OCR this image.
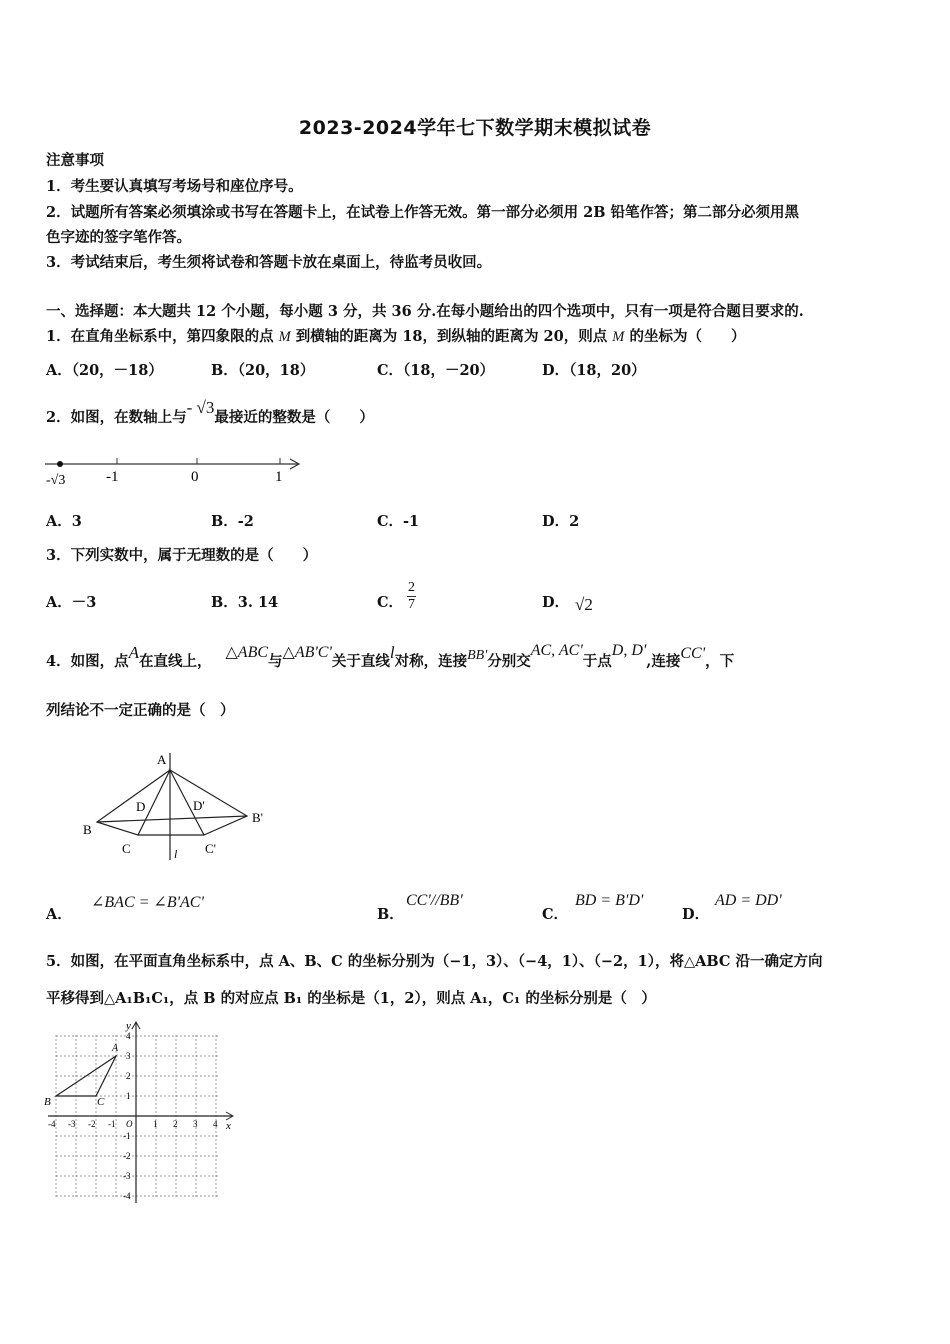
2023-2024学年七下数学期末模拟试卷
注意事项
1．考生要认真填写考场号和座位序号。
2．试题所有答案必须填涂或书写在答题卡上，在试卷上作答无效。第一部分必须用 2B 铅笔作答；第二部分必须用黑
色字迹的签字笔作答。
3．考试结束后，考生须将试卷和答题卡放在桌面上，待监考员收回。
一、选择题：本大题共 12 个小题，每小题 3 分，共 36 分.在每小题给出的四个选项中，只有一项是符合题目要求的.
1．在直角坐标系中，第四象限的点 M 到横轴的距离为 18，到纵轴的距离为 20，则点 M 的坐标为（　　）
A．（20，－18）	B．（20，18）	C．（18，－20）	D．（18，20）
2．如图，在数轴上与- √3最接近的整数是（　　）
-√3	-1	0	1
A．3	B．-2	C．-1	D．2
3．下列实数中，属于无理数的是（　　）
A．－3	B．3. 14	C． $\frac{2}{7}$	D． √2
4．如图，点A在直线上，△ABC与△AB'C'关于直线l对称，连接BB'分别交AC, AC'于点D, D',连接CC'，下
列结论不一定正确的是（　）
A
D	D'
B
B'
C	C'
l
A．
∠BAC = ∠B'AC'
B．
CC'//BB'
C．
BD = B'D'
D．
AD = DD'
5．如图，在平面直角坐标系中，点 A、B、C 的坐标分别为（−1，3）、（−4，1）、（−2，1），将△ABC 沿一确定方向
平移得到△A₁B₁C₁，点 B 的对应点 B₁ 的坐标是（1，2），则点 A₁，C₁ 的坐标分别是（　）
y
x
A
B	C
-4 -3 -2 -1 O 1 2 3 4
4
3
2
1
-1
-2
-3
-4
